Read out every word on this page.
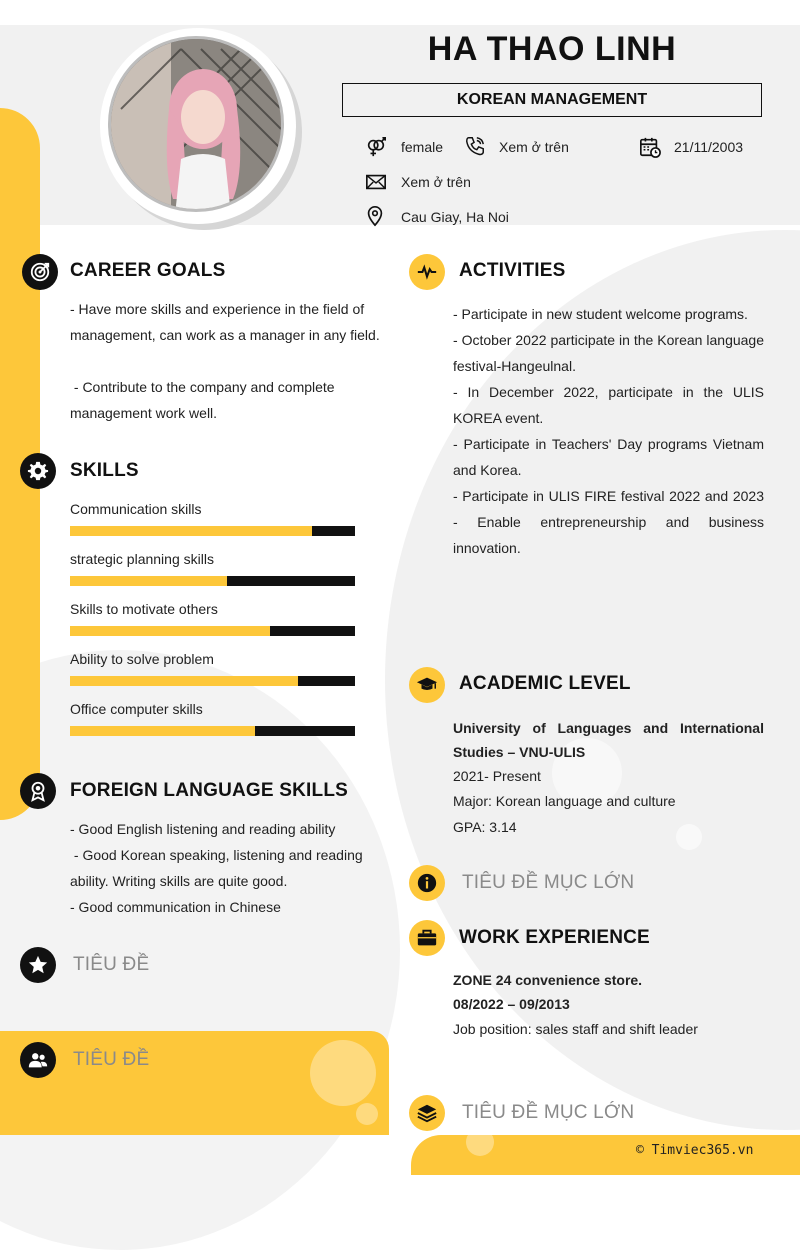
HA THAO LINH
KOREAN MANAGEMENT
female	Xem ở trên	21/11/2003
Xem ở trên
Cau Giay, Ha Noi
CAREER GOALS
- Have more skills and experience in the field of management, can work as a manager in any field.
- Contribute to the company and complete management work well.
SKILLS
Communication skills
strategic planning skills
Skills to motivate others
Ability to solve problem
Office computer skills
FOREIGN LANGUAGE SKILLS
- Good English listening and reading ability
- Good Korean speaking, listening and reading ability. Writing skills are quite good.
- Good communication in Chinese
TIÊU ĐỀ
TIÊU ĐỀ
ACTIVITIES
- Participate in new student welcome programs.
- October 2022 participate in the Korean language festival-Hangeulnal.
- In December 2022, participate in the ULIS KOREA event.
- Participate in Teachers' Day programs Vietnam and Korea.
- Participate in ULIS FIRE festival 2022 and 2023 - Enable entrepreneurship and business innovation.
ACADEMIC LEVEL
University of Languages and International Studies – VNU-ULIS
2021- Present
Major: Korean language and culture
GPA: 3.14
TIÊU ĐỀ MỤC LỚN
WORK EXPERIENCE
ZONE 24 convenience store.
08/2022 – 09/2013
Job position: sales staff and shift leader
TIÊU ĐỀ MỤC LỚN
© Timviec365.vn
